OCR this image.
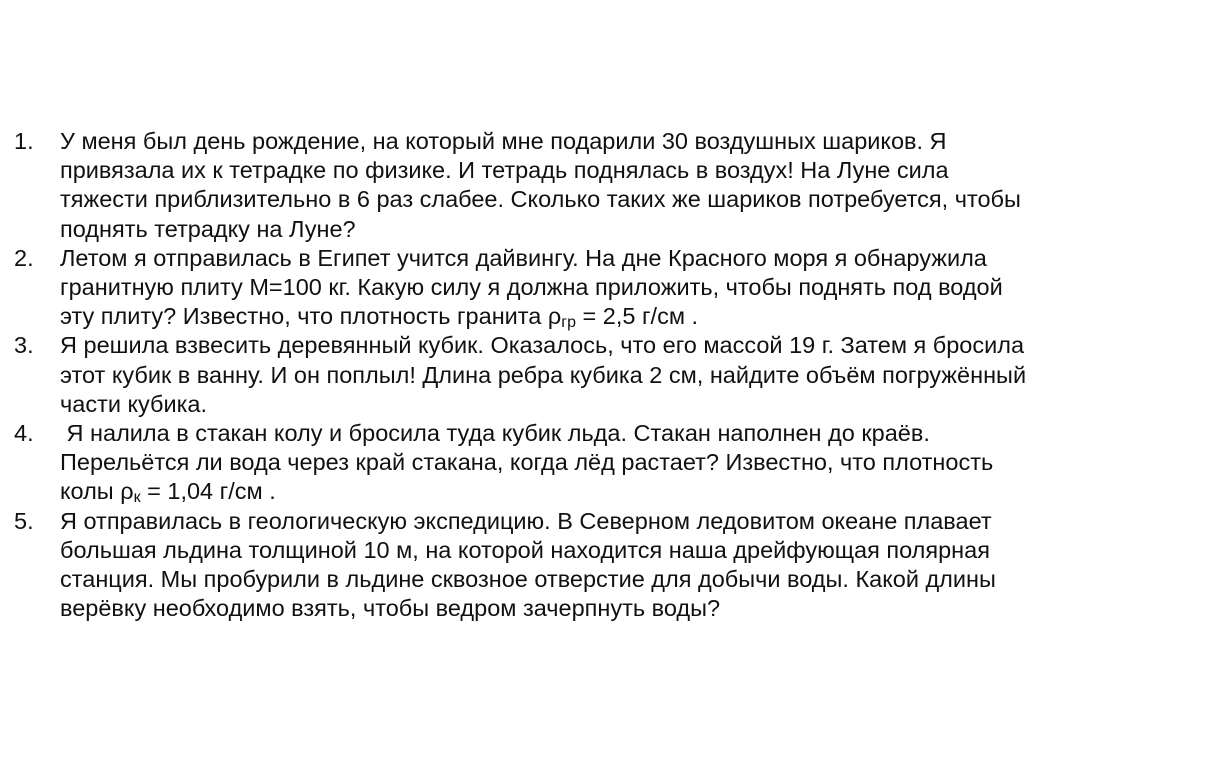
1.	У меня был день рождение, на который мне подарили 30 воздушных шариков. Я
привязала их к тетрадке по физике. И тетрадь поднялась в воздух! На Луне сила
тяжести приблизительно в 6 раз слабее. Сколько таких же шариков потребуется, чтобы
поднять тетрадку на Луне?
2.	Летом я отправилась в Египет учится дайвингу. На дне Красного моря я обнаружила
гранитную плиту M=100 кг. Какую силу я должна приложить, чтобы поднять под водой
эту плиту? Известно, что плотность гранита $\rho_{гр} = 2,5$ г/см .
3.	Я решила взвесить деревянный кубик. Оказалось, что его массой 19 г. Затем я бросила
этот кубик в ванну. И он поплыл! Длина ребра кубика 2 см, найдите объём погружённый
части кубика.
4.	Я налила в стакан колу и бросила туда кубик льда. Стакан наполнен до краёв.
Перельётся ли вода через край стакана, когда лёд растает? Известно, что плотность
колы $\rho_к = 1,04$ г/см .
5.	Я отправилась в геологическую экспедицию. В Северном ледовитом океане плавает
большая льдина толщиной 10 м, на которой находится наша дрейфующая полярная
станция. Мы пробурили в льдине сквозное отверстие для добычи воды. Какой длины
верёвку необходимо взять, чтобы ведром зачерпнуть воды?
